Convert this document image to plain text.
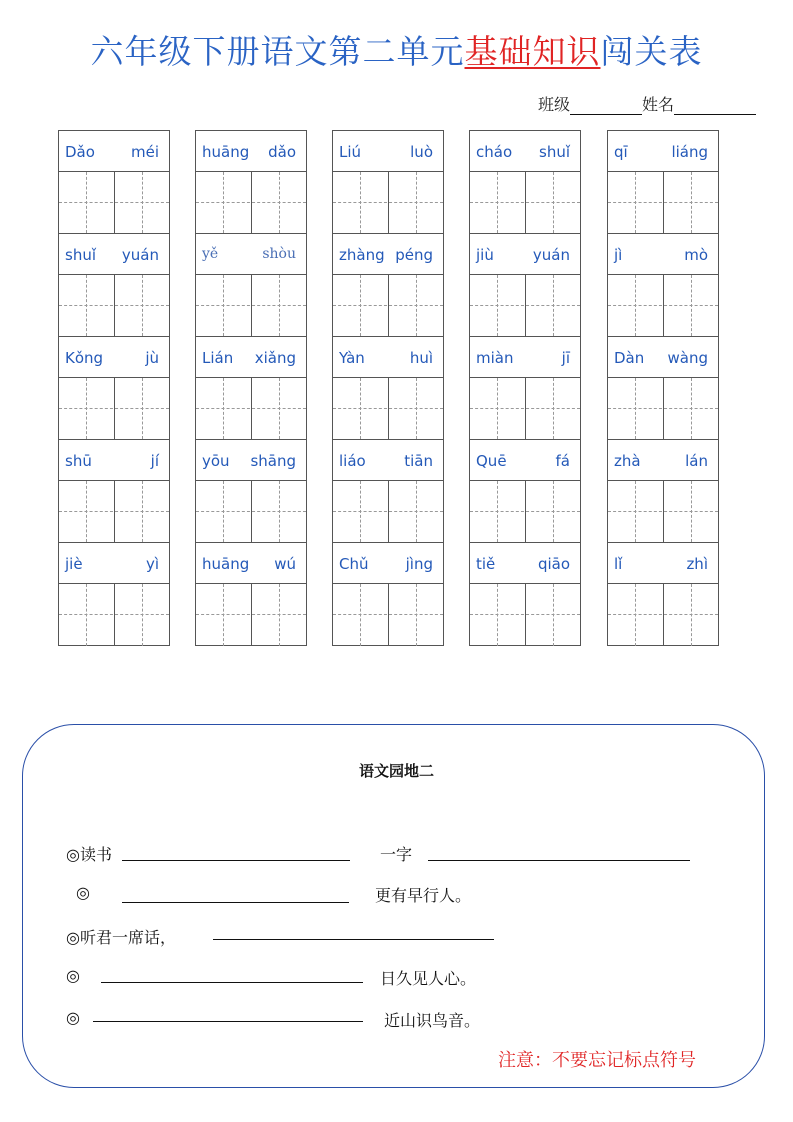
六年级下册语文第二单元基础知识闯关表
班级	姓名
Dǎo méi
shuǐ yuán
Kǒng	jù
shū	jí
jiè	yì
huāng dǎo
yě	shòu
Lián xiǎng
yōu shāng
huāng wú
Liú	luò
zhàng péng
Yàn	huì
liáo	tiān
Chǔ jìng
cháo shuǐ
jiù	yuán
miàn	jī
Quē	fá
tiě	qiāo
qī	liáng
jì	mò
Dàn wàng
zhà	lán
lǐ	zhì
语文园地二
◎读书	一字
◎	更有早行人。
◎听君一席话，
◎	日久见人心。
◎	近山识鸟音。
注意：不要忘记标点符号
